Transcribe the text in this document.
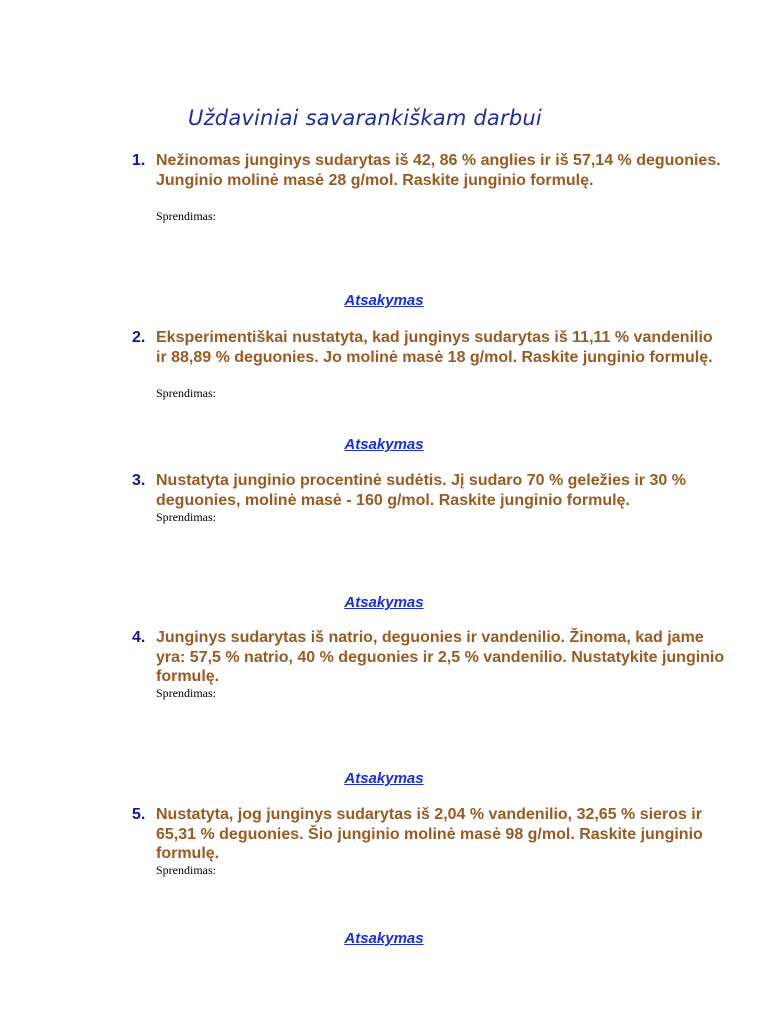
Uždaviniai savarankiškam darbui
1. Nežinomas junginys sudarytas iš 42, 86 % anglies ir iš 57,14 % deguonies. Junginio molinė masė 28 g/mol. Raskite junginio formulę.
Sprendimas:
Atsakymas
2. Eksperimentiškai nustatyta, kad junginys sudarytas iš 11,11 % vandenilio ir 88,89 % deguonies. Jo molinė masė 18 g/mol. Raskite junginio formulę.
Sprendimas:
Atsakymas
3. Nustatyta junginio procentinė sudėtis. Jį sudaro 70 % geležies ir 30 % deguonies, molinė masė - 160 g/mol. Raskite junginio formulę.
Sprendimas:
Atsakymas
4. Junginys sudarytas iš natrio, deguonies ir vandenilio. Žinoma, kad jame yra: 57,5 % natrio, 40 % deguonies ir 2,5 % vandenilio. Nustatykite junginio formulę.
Sprendimas:
Atsakymas
5. Nustatyta, jog junginys sudarytas iš 2,04 % vandenilio, 32,65 % sieros ir 65,31 % deguonies. Šio junginio molinė masė 98 g/mol. Raskite junginio formulę.
Sprendimas:
Atsakymas
